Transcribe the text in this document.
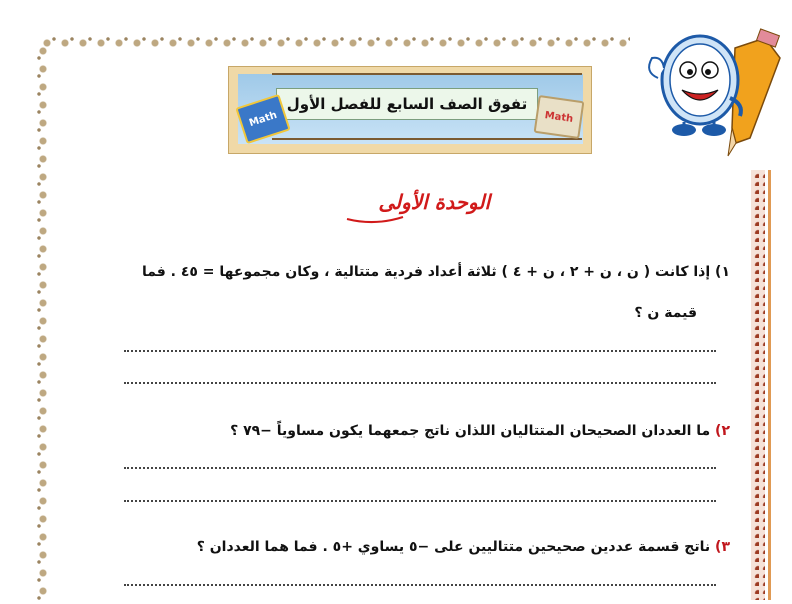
تفوق الصف السابع للفصل الأول
Math	Math
الوحدة الأولى
١) إذا كانت ( ن ، ن + ٢ ، ن + ٤ ) ثلاثة أعداد فردية متتالية ، وكان مجموعها = ٤٥ . فما
قيمة ن ؟
٢) ما العددان الصحيحان المتتاليان اللذان ناتج جمعهما يكون مساوياً −٧٩ ؟
٣) ناتج قسمة عددين صحيحين متتاليين على −٥ يساوي +٥ . فما هما العددان ؟
